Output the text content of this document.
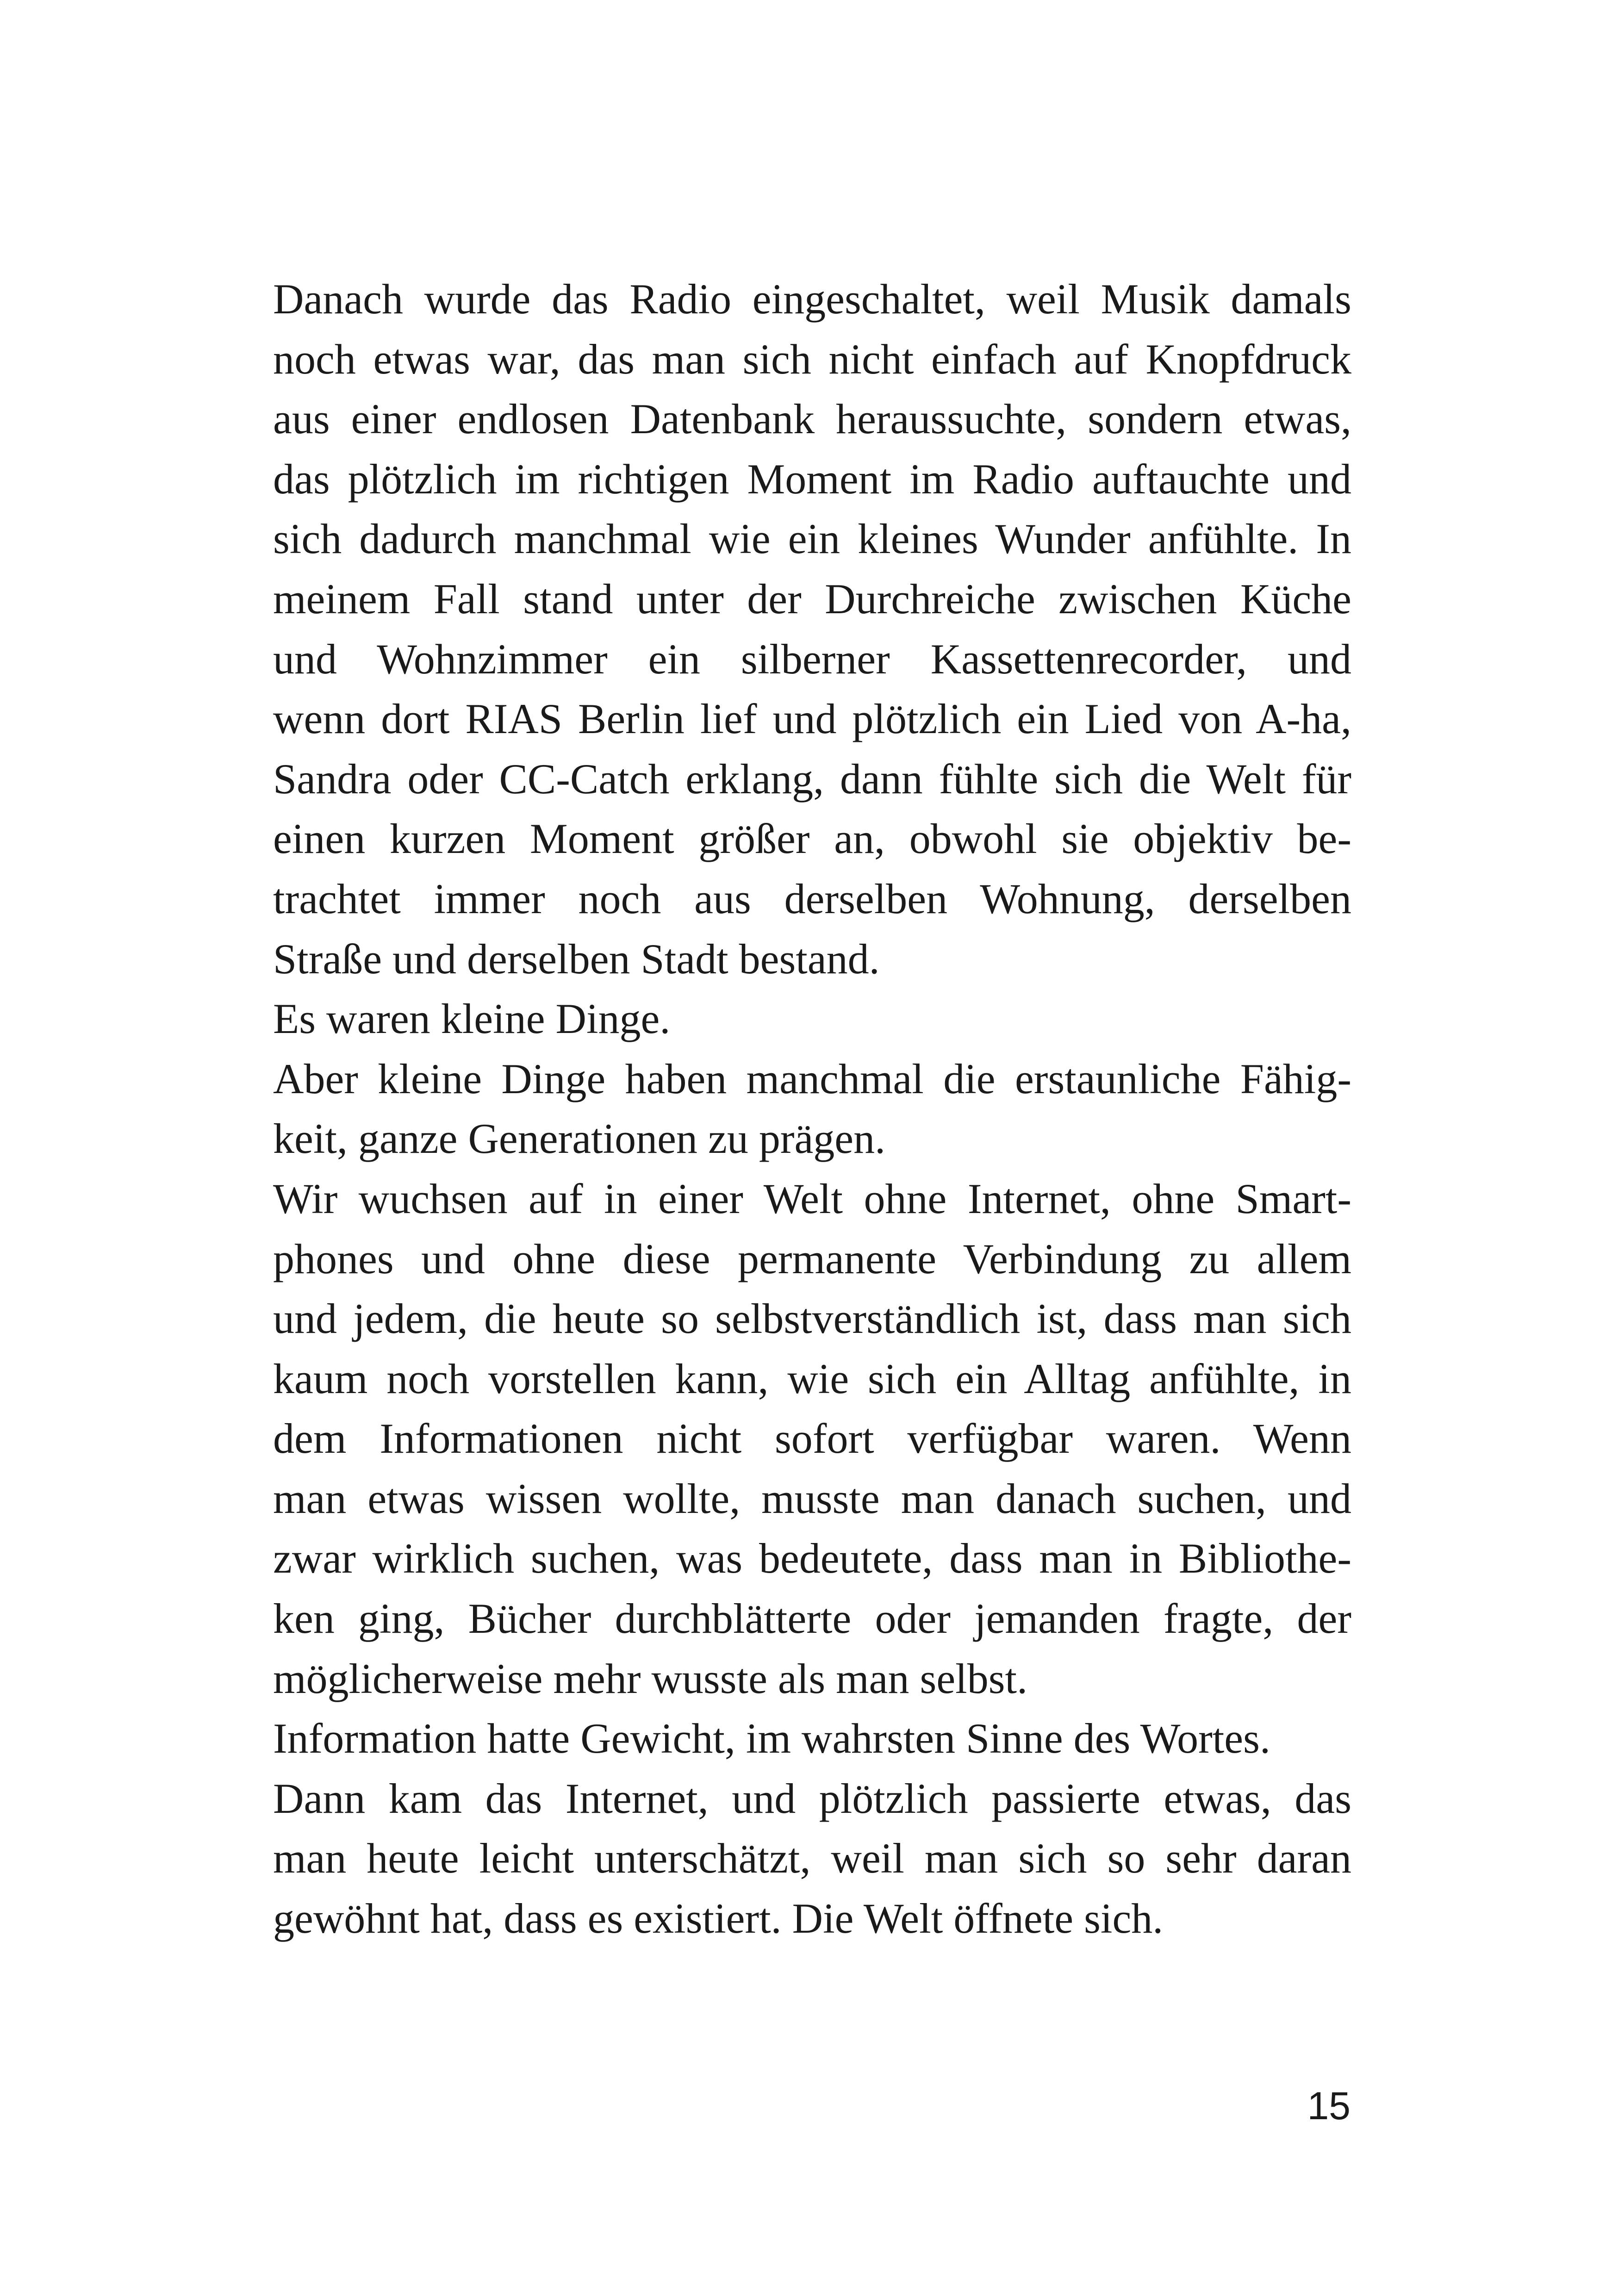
Danach wurde das Radio eingeschaltet, weil Musik damals
noch etwas war, das man sich nicht einfach auf Knopfdruck
aus einer endlosen Datenbank heraussuchte, sondern etwas,
das plötzlich im richtigen Moment im Radio auftauchte und
sich dadurch manchmal wie ein kleines Wunder anfühlte. In
meinem Fall stand unter der Durchreiche zwischen Küche
und Wohnzimmer ein silberner Kassettenrecorder, und
wenn dort RIAS Berlin lief und plötzlich ein Lied von A-ha,
Sandra oder CC-Catch erklang, dann fühlte sich die Welt für
einen kurzen Moment größer an, obwohl sie objektiv be-
trachtet immer noch aus derselben Wohnung, derselben
Straße und derselben Stadt bestand.
Es waren kleine Dinge.
Aber kleine Dinge haben manchmal die erstaunliche Fähig-
keit, ganze Generationen zu prägen.
Wir wuchsen auf in einer Welt ohne Internet, ohne Smart-
phones und ohne diese permanente Verbindung zu allem
und jedem, die heute so selbstverständlich ist, dass man sich
kaum noch vorstellen kann, wie sich ein Alltag anfühlte, in
dem Informationen nicht sofort verfügbar waren. Wenn
man etwas wissen wollte, musste man danach suchen, und
zwar wirklich suchen, was bedeutete, dass man in Bibliothe-
ken ging, Bücher durchblätterte oder jemanden fragte, der
möglicherweise mehr wusste als man selbst.
Information hatte Gewicht, im wahrsten Sinne des Wortes.
Dann kam das Internet, und plötzlich passierte etwas, das
man heute leicht unterschätzt, weil man sich so sehr daran
gewöhnt hat, dass es existiert. Die Welt öffnete sich.
15
